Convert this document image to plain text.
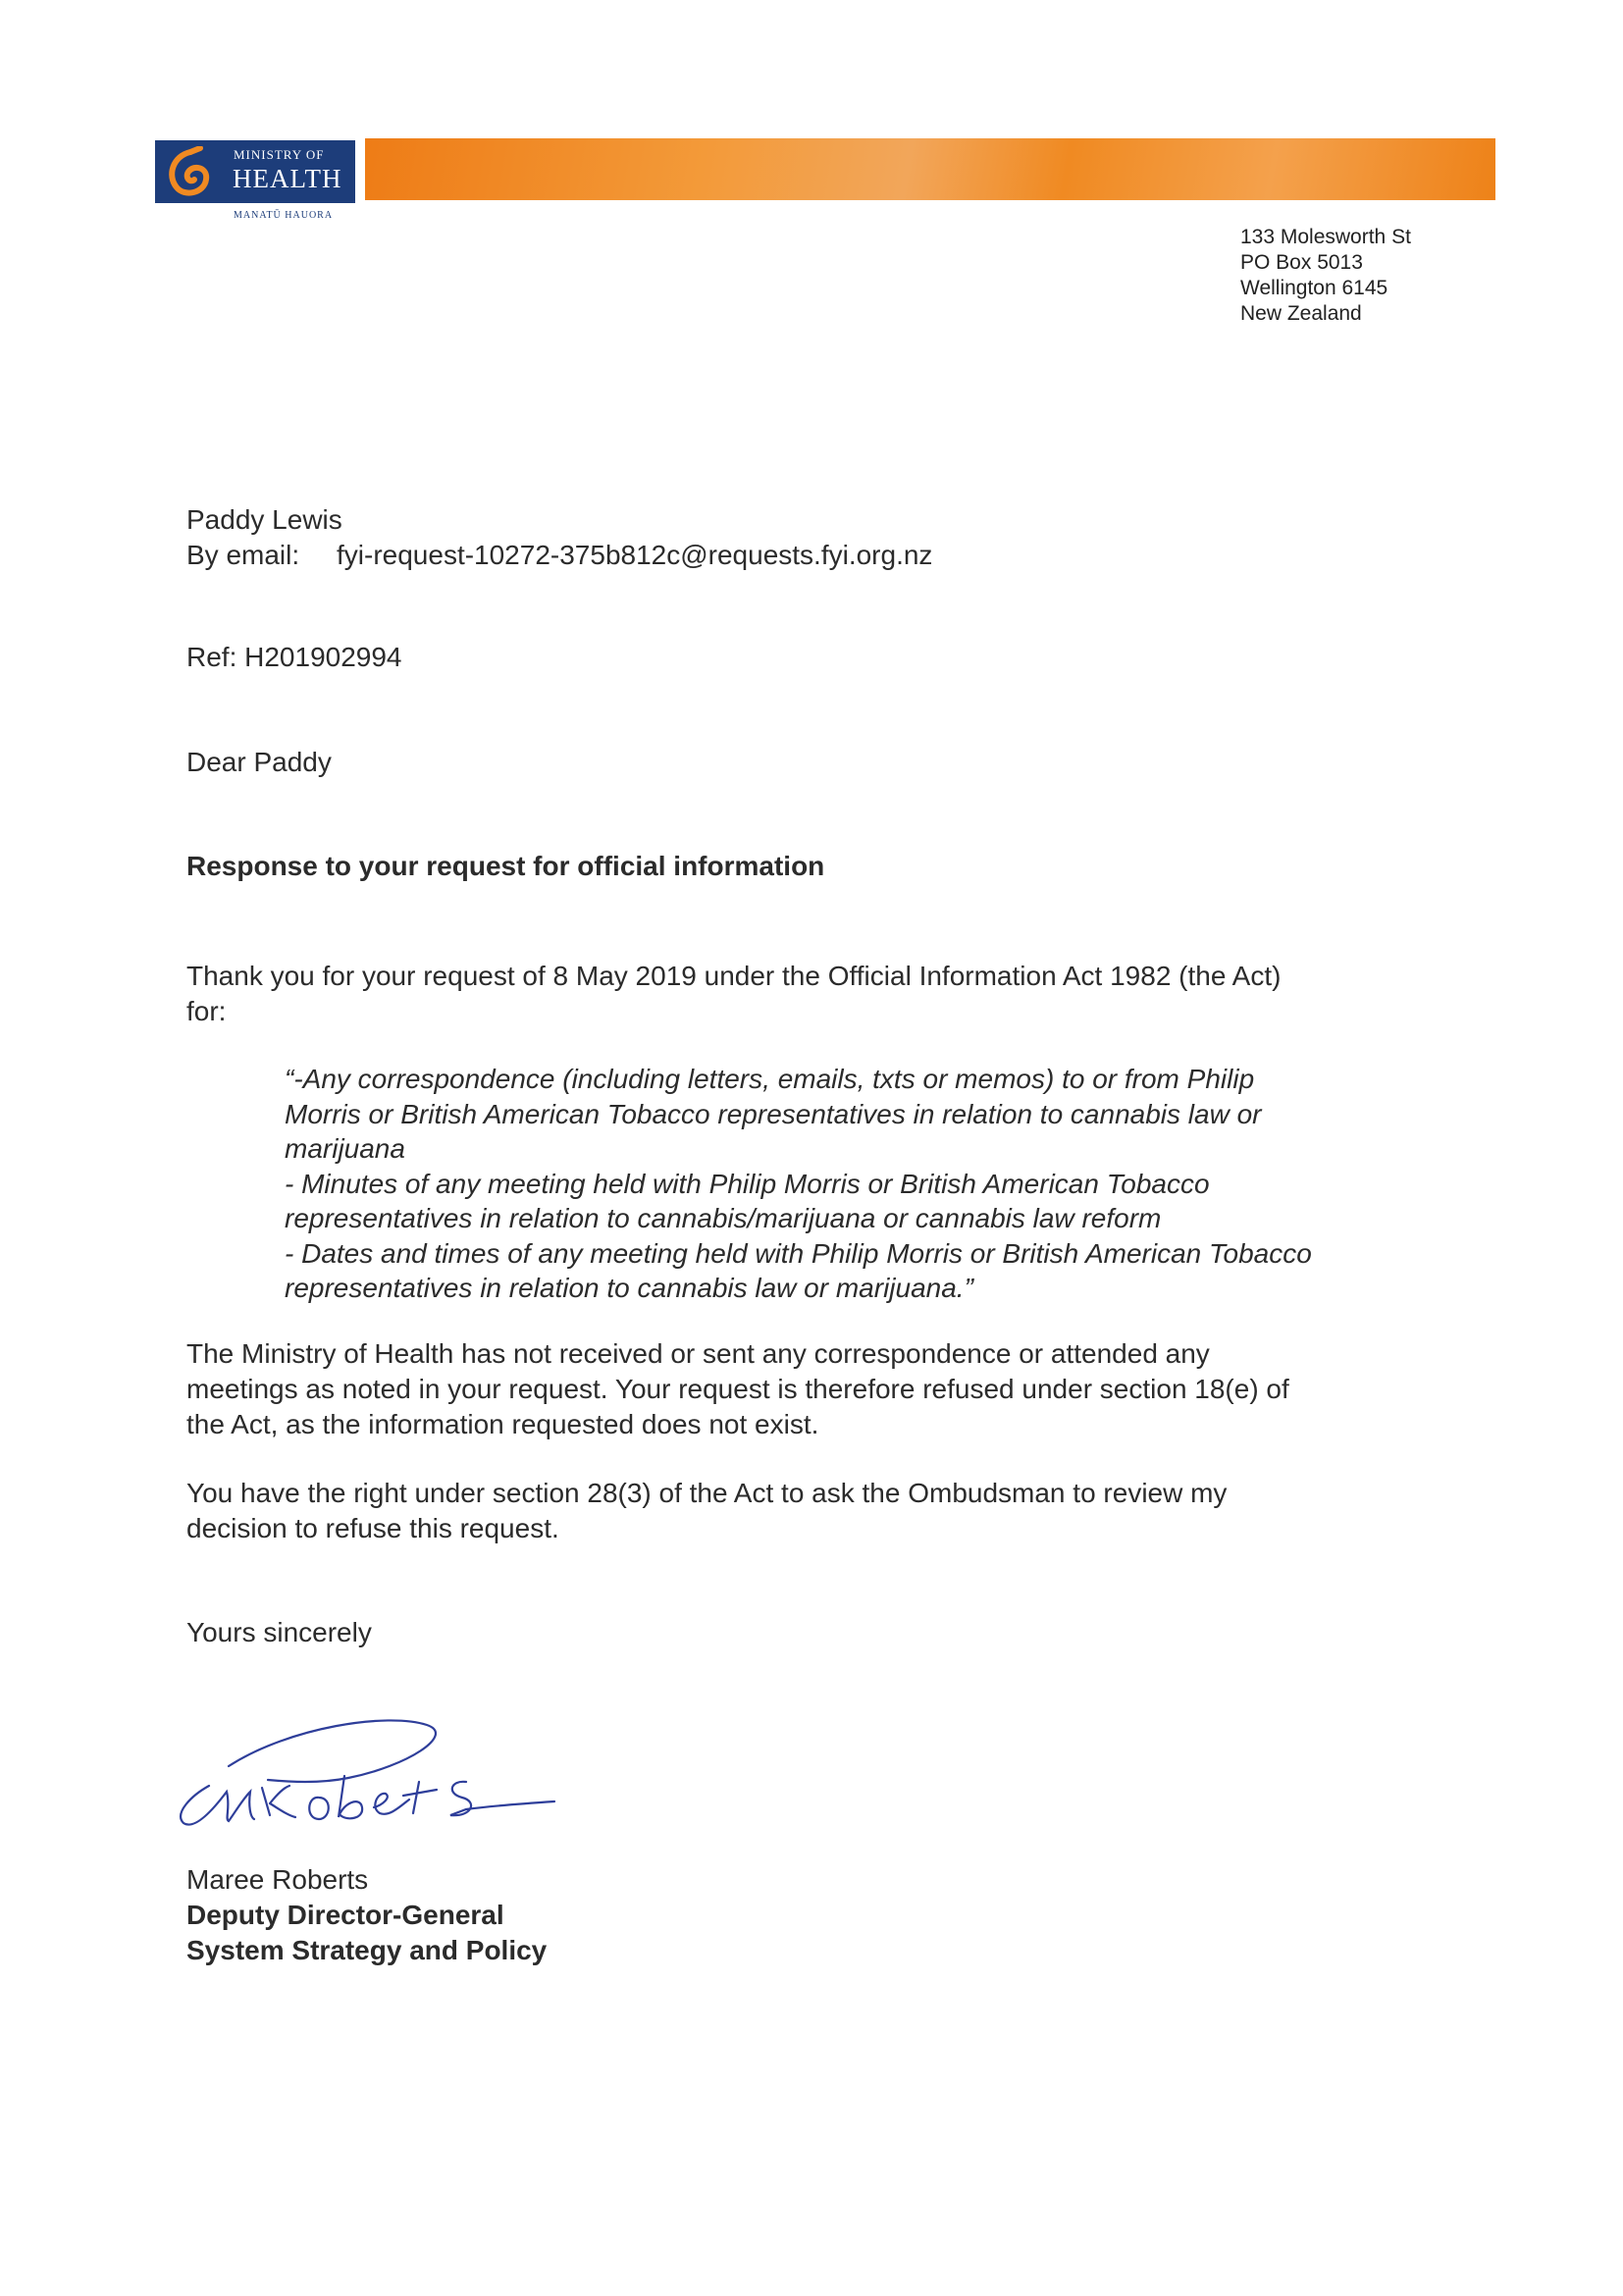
MINISTRY OF
HEALTH
MANATŪ HAUORA
133 Molesworth St
PO Box 5013
Wellington 6145
New Zealand
Paddy Lewis
By email: fyi-request-10272-375b812c@requests.fyi.org.nz
Ref: H201902994
Dear Paddy
Response to your request for official information
Thank you for your request of 8 May 2019 under the Official Information Act 1982 (the Act)
for:
“-Any correspondence (including letters, emails, txts or memos) to or from Philip
Morris or British American Tobacco representatives in relation to cannabis law or
marijuana
- Minutes of any meeting held with Philip Morris or British American Tobacco
representatives in relation to cannabis/marijuana or cannabis law reform
- Dates and times of any meeting held with Philip Morris or British American Tobacco
representatives in relation to cannabis law or marijuana.”
The Ministry of Health has not received or sent any correspondence or attended any
meetings as noted in your request. Your request is therefore refused under section 18(e) of
the Act, as the information requested does not exist.
You have the right under section 28(3) of the Act to ask the Ombudsman to review my
decision to refuse this request.
Yours sincerely
Maree Roberts
Deputy Director-General
System Strategy and Policy
